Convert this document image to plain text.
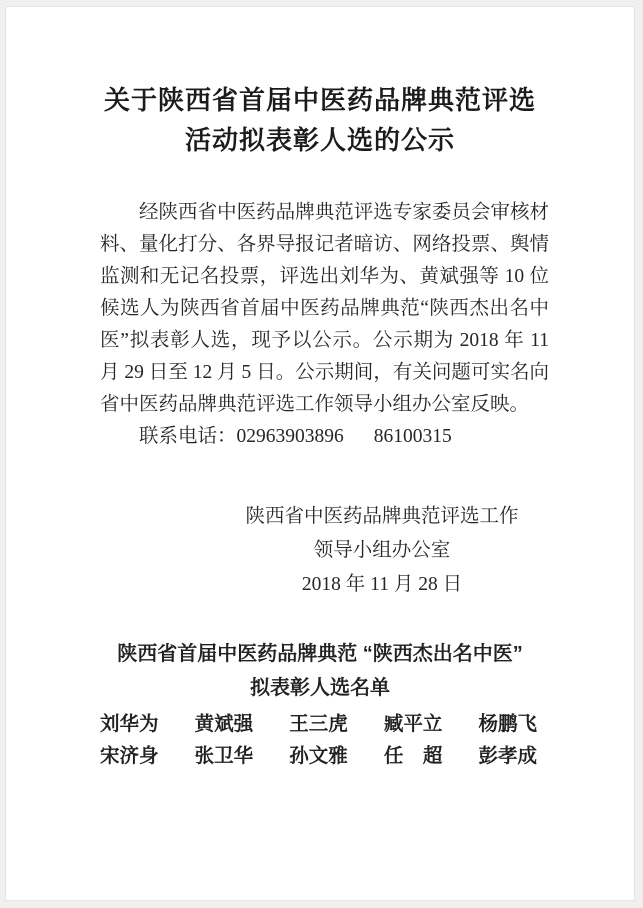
关于陕西省首届中医药品牌典范评选
活动拟表彰人选的公示

经陕西省中医药品牌典范评选专家委员会审核材料、量化打分、各界导报记者暗访、网络投票、舆情监测和无记名投票，评选出刘华为、黄斌强等 10 位候选人为陕西省首届中医药品牌典范“陕西杰出名中医”拟表彰人选，现予以公示。公示期为 2018 年 11 月 29 日至 12 月 5 日。公示期间，有关问题可实名向省中医药品牌典范评选工作领导小组办公室反映。

联系电话：02963903896 86100315
陕西省中医药品牌典范评选工作
领导小组办公室
2018 年 11 月 28 日
陕西省首届中医药品牌典范 “陕西杰出名中医”
拟表彰人选名单
刘华为 黄斌强 王三虎 臧平立 杨鹏飞
宋济身 张卫华 孙文雅 任　超 彭孝成
